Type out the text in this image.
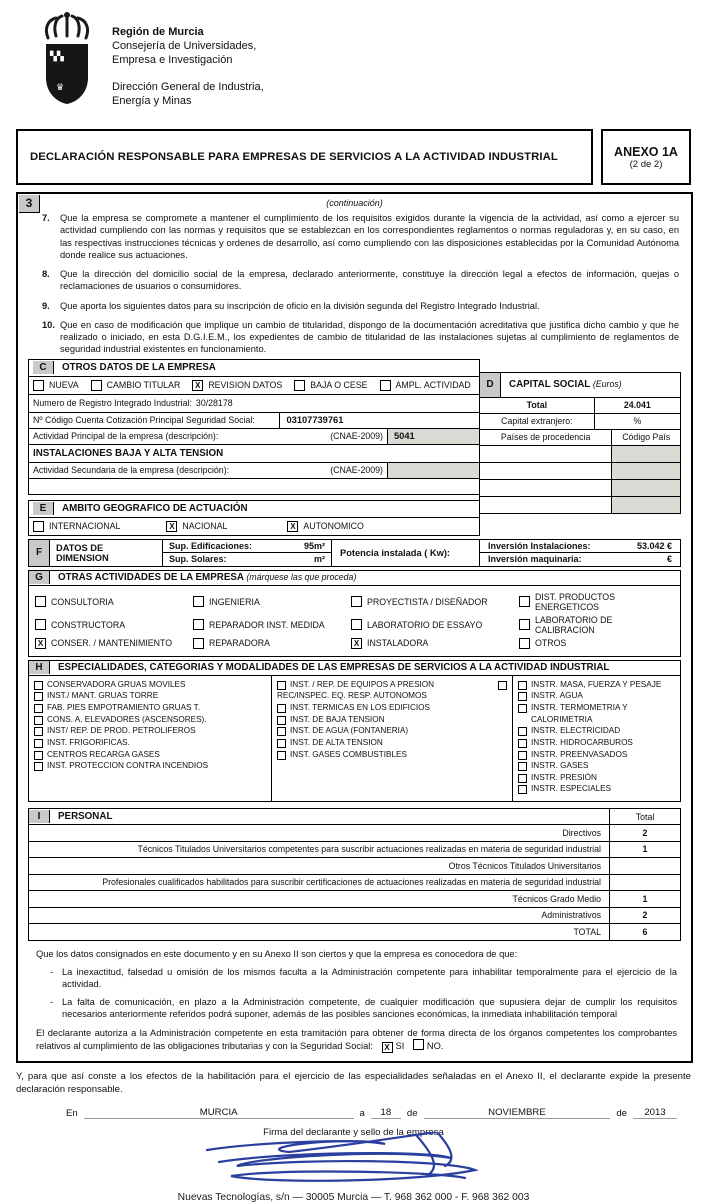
▚▚
♛
Región de Murcia
Consejería de Universidades,
Empresa e Investigación
Dirección General de Industria,
Energía y Minas
DECLARACIÓN RESPONSABLE PARA EMPRESAS DE SERVICIOS A LA ACTIVIDAD INDUSTRIAL	ANEXO 1A
(2 de 2)
3	(continuación)
7.	Que la empresa se compromete a mantener el cumplimiento de los requisitos exigidos durante la vigencia de la actividad, así como a ejercer su actividad cumpliendo con las normas y requisitos que se establezcan en los correspondientes reglamentos o normas reguladoras y, en su caso, en las respectivas instrucciones técnicas y ordenes de desarrollo, así como cumpliendo con las disposiciones establecidas por la Comunidad Autónoma donde realice sus actuaciones.
8.	Que la dirección del domicilio social de la empresa, declarado anteriormente, constituye la dirección legal a efectos de información, quejas o reclamaciones de usuarios o consumidores.
9.	Que aporta los siguientes datos para su inscripción de oficio en la división segunda del Registro Integrado Industrial.
10. Que en caso de modificación que implique un cambio de titularidad, dispongo de la documentación acreditativa que justifica dicho cambio y que he realizado o iniciado, en esta D.G.I.E.M., los expedientes de cambio de titularidad de las instalaciones sujetas al cumplimiento de reglamentos de seguridad industrial existentes en funcionamiento.
C	OTROS DATOS DE LA EMPRESA
NUEVA	CAMBIO TITULAR	X REVISION DATOS	BAJA O CESE	AMPL. ACTIVIDAD
Numero de Registro Integrado Industrial: 30/28178
Nº Código Cuenta Cotización Principal Seguridad Social:	03107739761
Actividad Principal de la empresa (descripción):	(CNAE-2009)	5041
INSTALACIONES BAJA Y ALTA TENSION
Actividad Secundaria de la empresa (descripción):	(CNAE-2009)
E	AMBITO GEOGRAFICO DE ACTUACIÓN
INTERNACIONAL	X NACIONAL	X AUTONOMICO
D	CAPITAL SOCIAL (Euros)
Total	24.041
Capital extranjero:	%
Países de procedencia	Código País
F	DATOS DE
DIMENSION
Sup. Edificaciones:	95m²
Sup. Solares:	m²
Potencia instalada ( Kw):
Inversión Instalaciones:	53.042 €
Inversión maquinaria:	€
G	OTRAS ACTIVIDADES DE LA EMPRESA (márquese las que proceda)
CONSULTORIA	INGENIERIA	PROYECTISTA / DISEÑADOR	DIST. PRODUCTOS ENERGETICOS
CONSTRUCTORA	REPARADOR INST. MEDIDA	LABORATORIO DE ESSAYO	LABORATORIO DE CALIBRACION
X CONSER. / MANTENIMIENTO	REPARADORA	X INSTALADORA	OTROS
H	ESPECIALIDADES, CATEGORIAS Y MODALIDADES DE LAS EMPRESAS DE SERVICIOS A LA ACTIVIDAD INDUSTRIAL
CONSERVADORA GRUAS MOVILES
INST./ MANT. GRUAS TORRE
FAB. PIES EMPOTRAMIENTO GRUAS T.
CONS. A. ELEVADORES (ASCENSORES).
INST/ REP. DE PROD. PETROLIFEROS
INST. FRIGORIFICAS.
CENTROS RECARGA GASES
INST. PROTECCION CONTRA INCENDIOS
INST. / REP. DE EQUIPOS A PRESION
REC/INSPEC. EQ. RESP. AUTONOMOS
INST. TERMICAS EN LOS EDIFICIOS
INST. DE BAJA TENSION
INST. DE AGUA (FONTANERIA)
INST. DE ALTA TENSION
INST. GASES COMBUSTIBLES
INSTR. MASA, FUERZA Y PESAJE
INSTR. AGUA
INSTR. TERMOMETRIA Y CALORIMETRIA
INSTR. ELECTRICIDAD
INSTR. HIDROCARBUROS
INSTR. PREENVASADOS
INSTR. GASES
INSTR. PRESIÓN
INSTR. ESPECIALES
I	PERSONAL	Total
Directivos	2
Técnicos Titulados Universitarios competentes para suscribir actuaciones realizadas en materia de seguridad industrial	1
Otros Técnicos Titulados Universitarios
Profesionales cualificados habilitados para suscribir certificaciones de actuaciones realizadas en materia de seguridad industrial
Técnicos Grado Medio	1
Administrativos	2
TOTAL	6
Que los datos consignados en este documento y en su Anexo II son ciertos y que la empresa es conocedora de que:
- La inexactitud, falsedad u omisión de los mismos faculta a la Administración competente para inhabilitar temporalmente para el ejercicio de la actividad.
- La falta de comunicación, en plazo a la Administración competente, de cualquier modificación que supusiera dejar de cumplir los requisitos necesarios anteriormente referidos podrá suponer, además de las posibles sanciones económicas, la inmediata inhabilitación temporal
El declarante autoriza a la Administración competente en esta tramitación para obtener de forma directa de los órganos competentes los comprobantes relativos al cumplimiento de las obligaciones tributarias y con la Seguridad Social: X SI NO.
Y, para que así conste a los efectos de la habilitación para el ejercicio de las especialidades señaladas en el Anexo II, el declarante expide la presente declaración responsable.
En	MURCIA	a	18	de	NOVIEMBRE	de	2013
Firma del declarante y sello de la empresa
Nuevas Tecnologías, s/n — 30005 Murcia — T. 968 362 000 - F. 968 362 003
